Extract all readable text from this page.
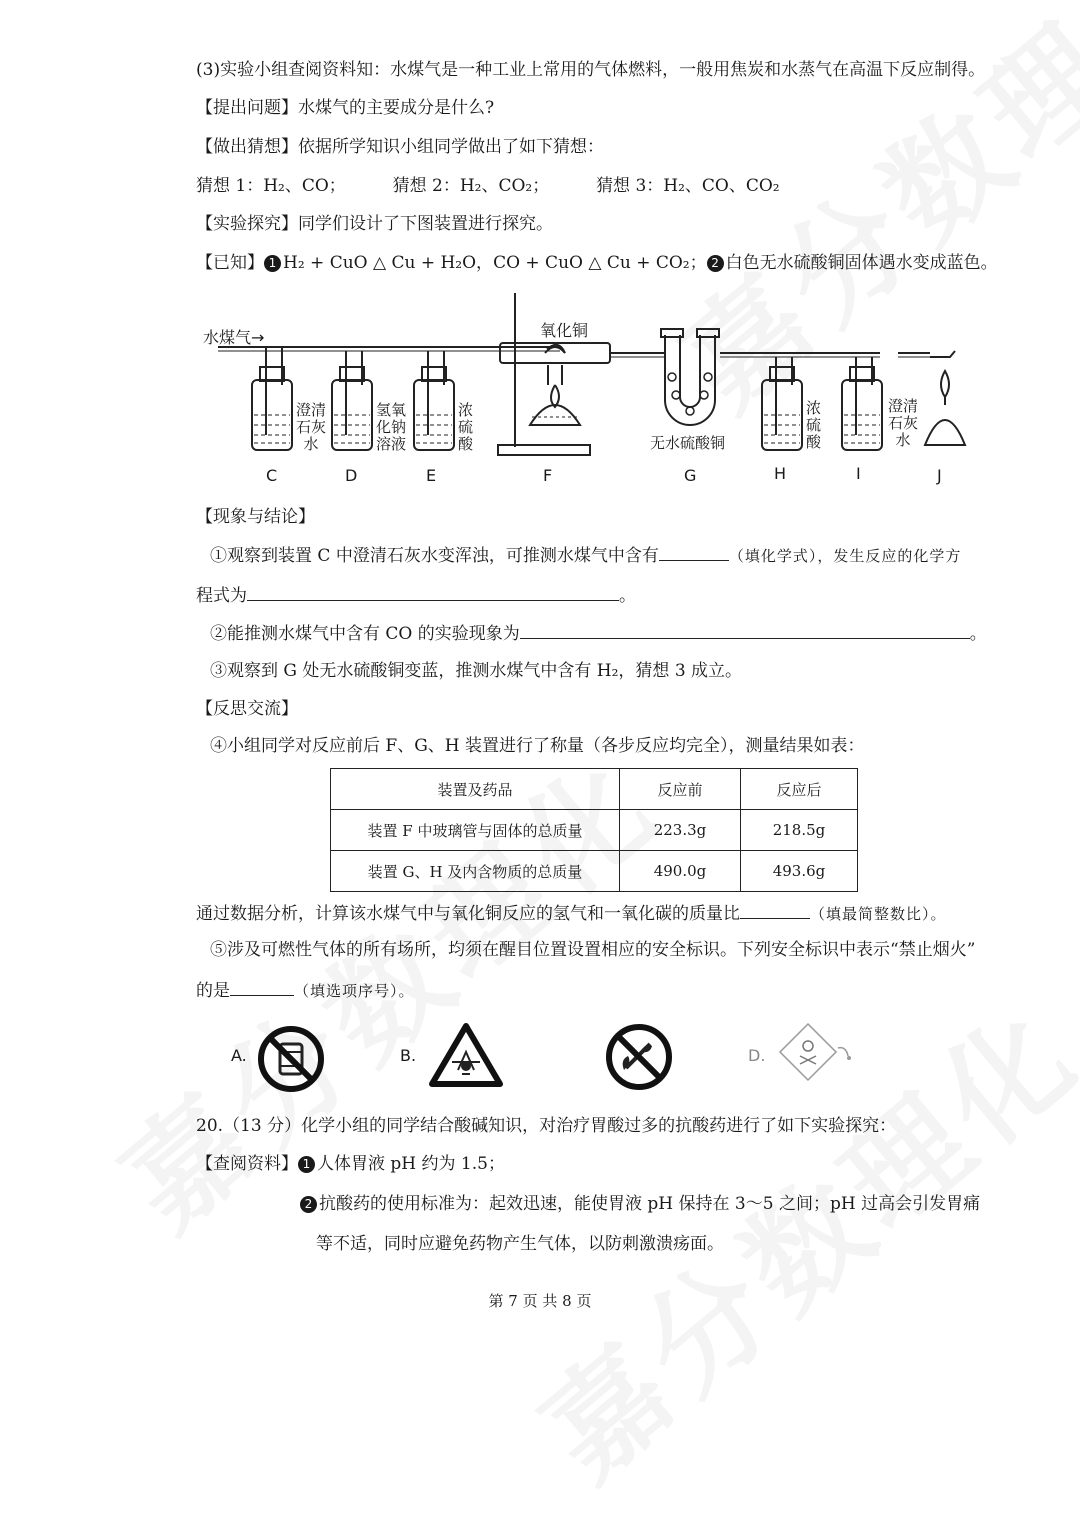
(3)实验小组查阅资料知：水煤气是一种工业上常用的气体燃料，一般用焦炭和水蒸气在高温下反应制得。
【提出问题】水煤气的主要成分是什么?
【做出猜想】依据所学知识小组同学做出了如下猜想：
猜想 1：H₂、CO；	猜想 2：H₂、CO₂；	猜想 3：H₂、CO、CO₂
【实验探究】同学们设计了下图装置进行探究。
【已知】 1 H₂ + CuO △ Cu + H₂O，CO + CuO △ Cu + CO₂； 2 白色无水硫酸铜固体遇水变成蓝色。
水煤气→	氧化铜
澄清
石灰
水
氢氧
化钠
溶液
浓
硫
酸	无水硫酸铜
浓
硫
酸
澄清
石灰
水
C	D	E	F	G	H	I	J
【现象与结论】
①观察到装置 C 中澄清石灰水变浑浊，可推测水煤气中含有	（填化学式），发生反应的化学方
程式为	。
②能推测水煤气中含有 CO 的实验现象为	。
③观察到 G 处无水硫酸铜变蓝，推测水煤气中含有 H₂，猜想 3 成立。
【反思交流】
④小组同学对反应前后 F、G、H 装置进行了称量（各步反应均完全），测量结果如表：
装置及药品	反应前	反应后
装置 F 中玻璃管与固体的总质量	223.3g	218.5g
装置 G、H 及内含物质的总质量	490.0g	493.6g
通过数据分析，计算该水煤气中与氧化铜反应的氢气和一氧化碳的质量比	（填最简整数比）。
⑤涉及可燃性气体的所有场所，均须在醒目位置设置相应的安全标识。下列安全标识中表示“禁止烟火”
的是	（填选项序号）。
A.	B.	C.	D.
20.（13 分）化学小组的同学结合酸碱知识，对治疗胃酸过多的抗酸药进行了如下实验探究：
【查阅资料】 1 人体胃液 pH 约为 1.5；
2 抗酸药的使用标准为：起效迅速，能使胃液 pH 保持在 3～5 之间；pH 过高会引发胃痛
等不适，同时应避免药物产生气体，以防刺激溃疡面。
第 7 页 共 8 页
